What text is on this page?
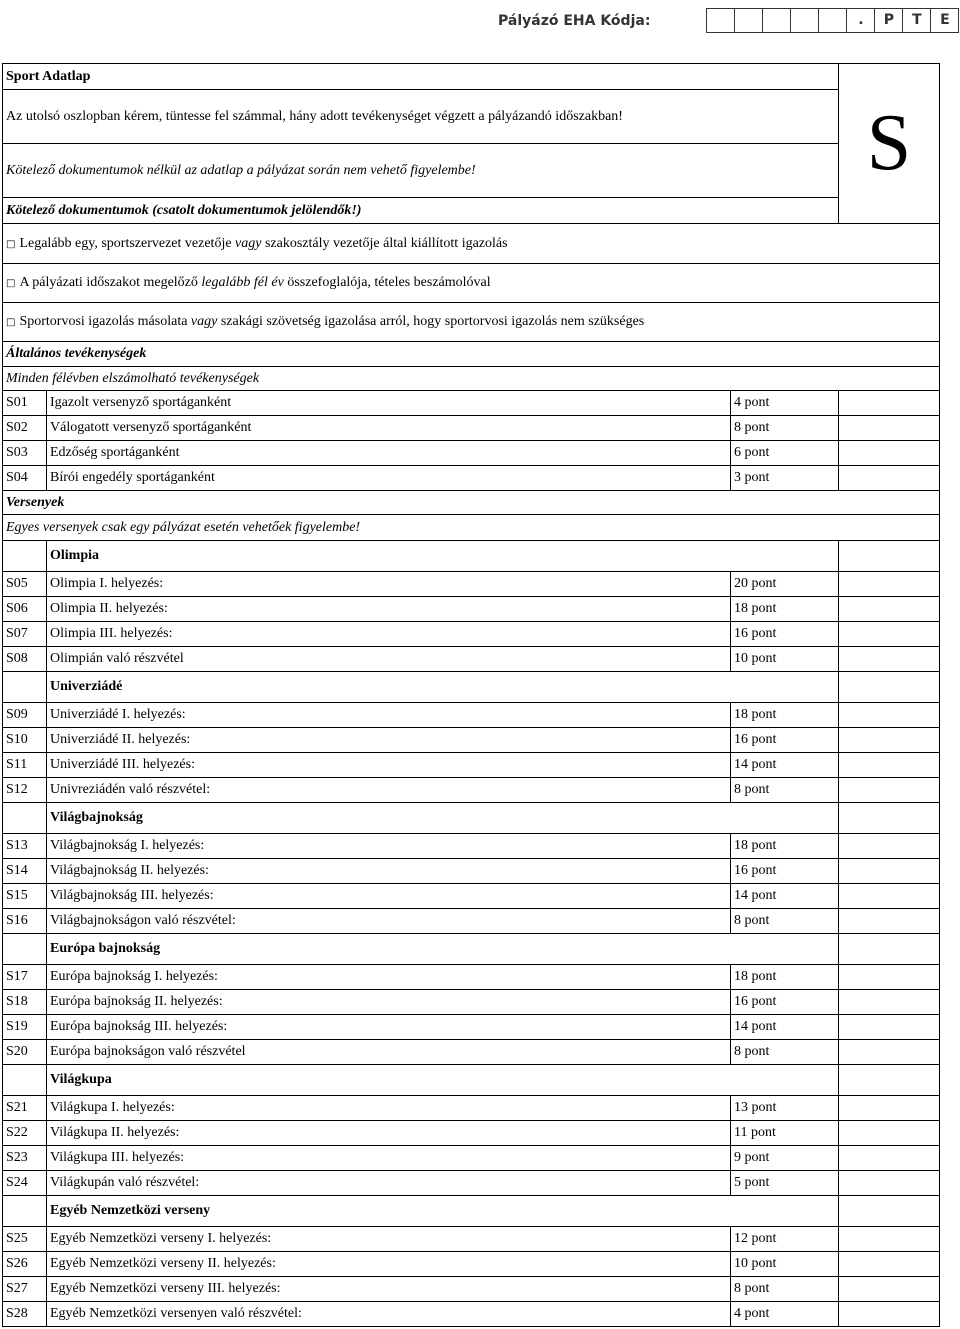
Pályázó EHA Kódja:	.	P	T	E
Sport Adatlap			S
Az utolsó oszlopban kérem, tüntesse fel számmal, hány adott tevékenységet végzett a pályázandó időszakban!			
Kötelező dokumentumok nélkül az adatlap a pályázat során nem vehető figyelembe!			
Kötelező dokumentumok (csatolt dokumentumok jelölendők!)			
□ Legalább egy, sportszervezet vezetője vagy szakosztály vezetője által kiállított igazolás			
□ A pályázati időszakot megelőző legalább fél év összefoglalója, tételes beszámolóval			
□ Sportorvosi igazolás másolata vagy szakági szövetség igazolása arról, hogy sportorvosi igazolás nem szükséges			
Általános tevékenységek			
Minden félévben elszámolható tevékenységek			
S01	Igazolt versenyző sportáganként	4 pont	
S02	Válogatott versenyző sportáganként	8 pont	
S03	Edzőség sportáganként	6 pont	
S04	Bírói engedély sportáganként	3 pont	
Versenyek			
Egyes versenyek csak egy pályázat esetén vehetőek figyelembe!			
	Olimpia		
S05	Olimpia I. helyezés:	20 pont	
S06	Olimpia II. helyezés:	18 pont	
S07	Olimpia III. helyezés:	16 pont	
S08	Olimpián való részvétel	10 pont	
	Univerziádé		
S09	Univerziádé I. helyezés:	18 pont	
S10	Univerziádé II. helyezés:	16 pont	
S11	Univerziádé III. helyezés:	14 pont	
S12	Univreziádén való részvétel:	8 pont	
	Világbajnokság		
S13	Világbajnokság I. helyezés:	18 pont	
S14	Világbajnokság II. helyezés:	16 pont	
S15	Világbajnokság III. helyezés:	14 pont	
S16	Világbajnokságon való részvétel:	8 pont	
	Európa bajnokság		
S17	Európa bajnokság I. helyezés:	18 pont	
S18	Európa bajnokság II. helyezés:	16 pont	
S19	Európa bajnokság III. helyezés:	14 pont	
S20	Európa bajnokságon való részvétel	8 pont	
	Világkupa		
S21	Világkupa I. helyezés:	13 pont	
S22	Világkupa II. helyezés:	11 pont	
S23	Világkupa III. helyezés:	9 pont	
S24	Világkupán való részvétel:	5 pont	
	Egyéb Nemzetközi verseny		
S25	Egyéb Nemzetközi verseny I. helyezés:	12 pont	
S26	Egyéb Nemzetközi verseny II. helyezés:	10 pont	
S27	Egyéb Nemzetközi verseny III. helyezés:	8 pont	
S28	Egyéb Nemzetközi versenyen való részvétel:	4 pont	
